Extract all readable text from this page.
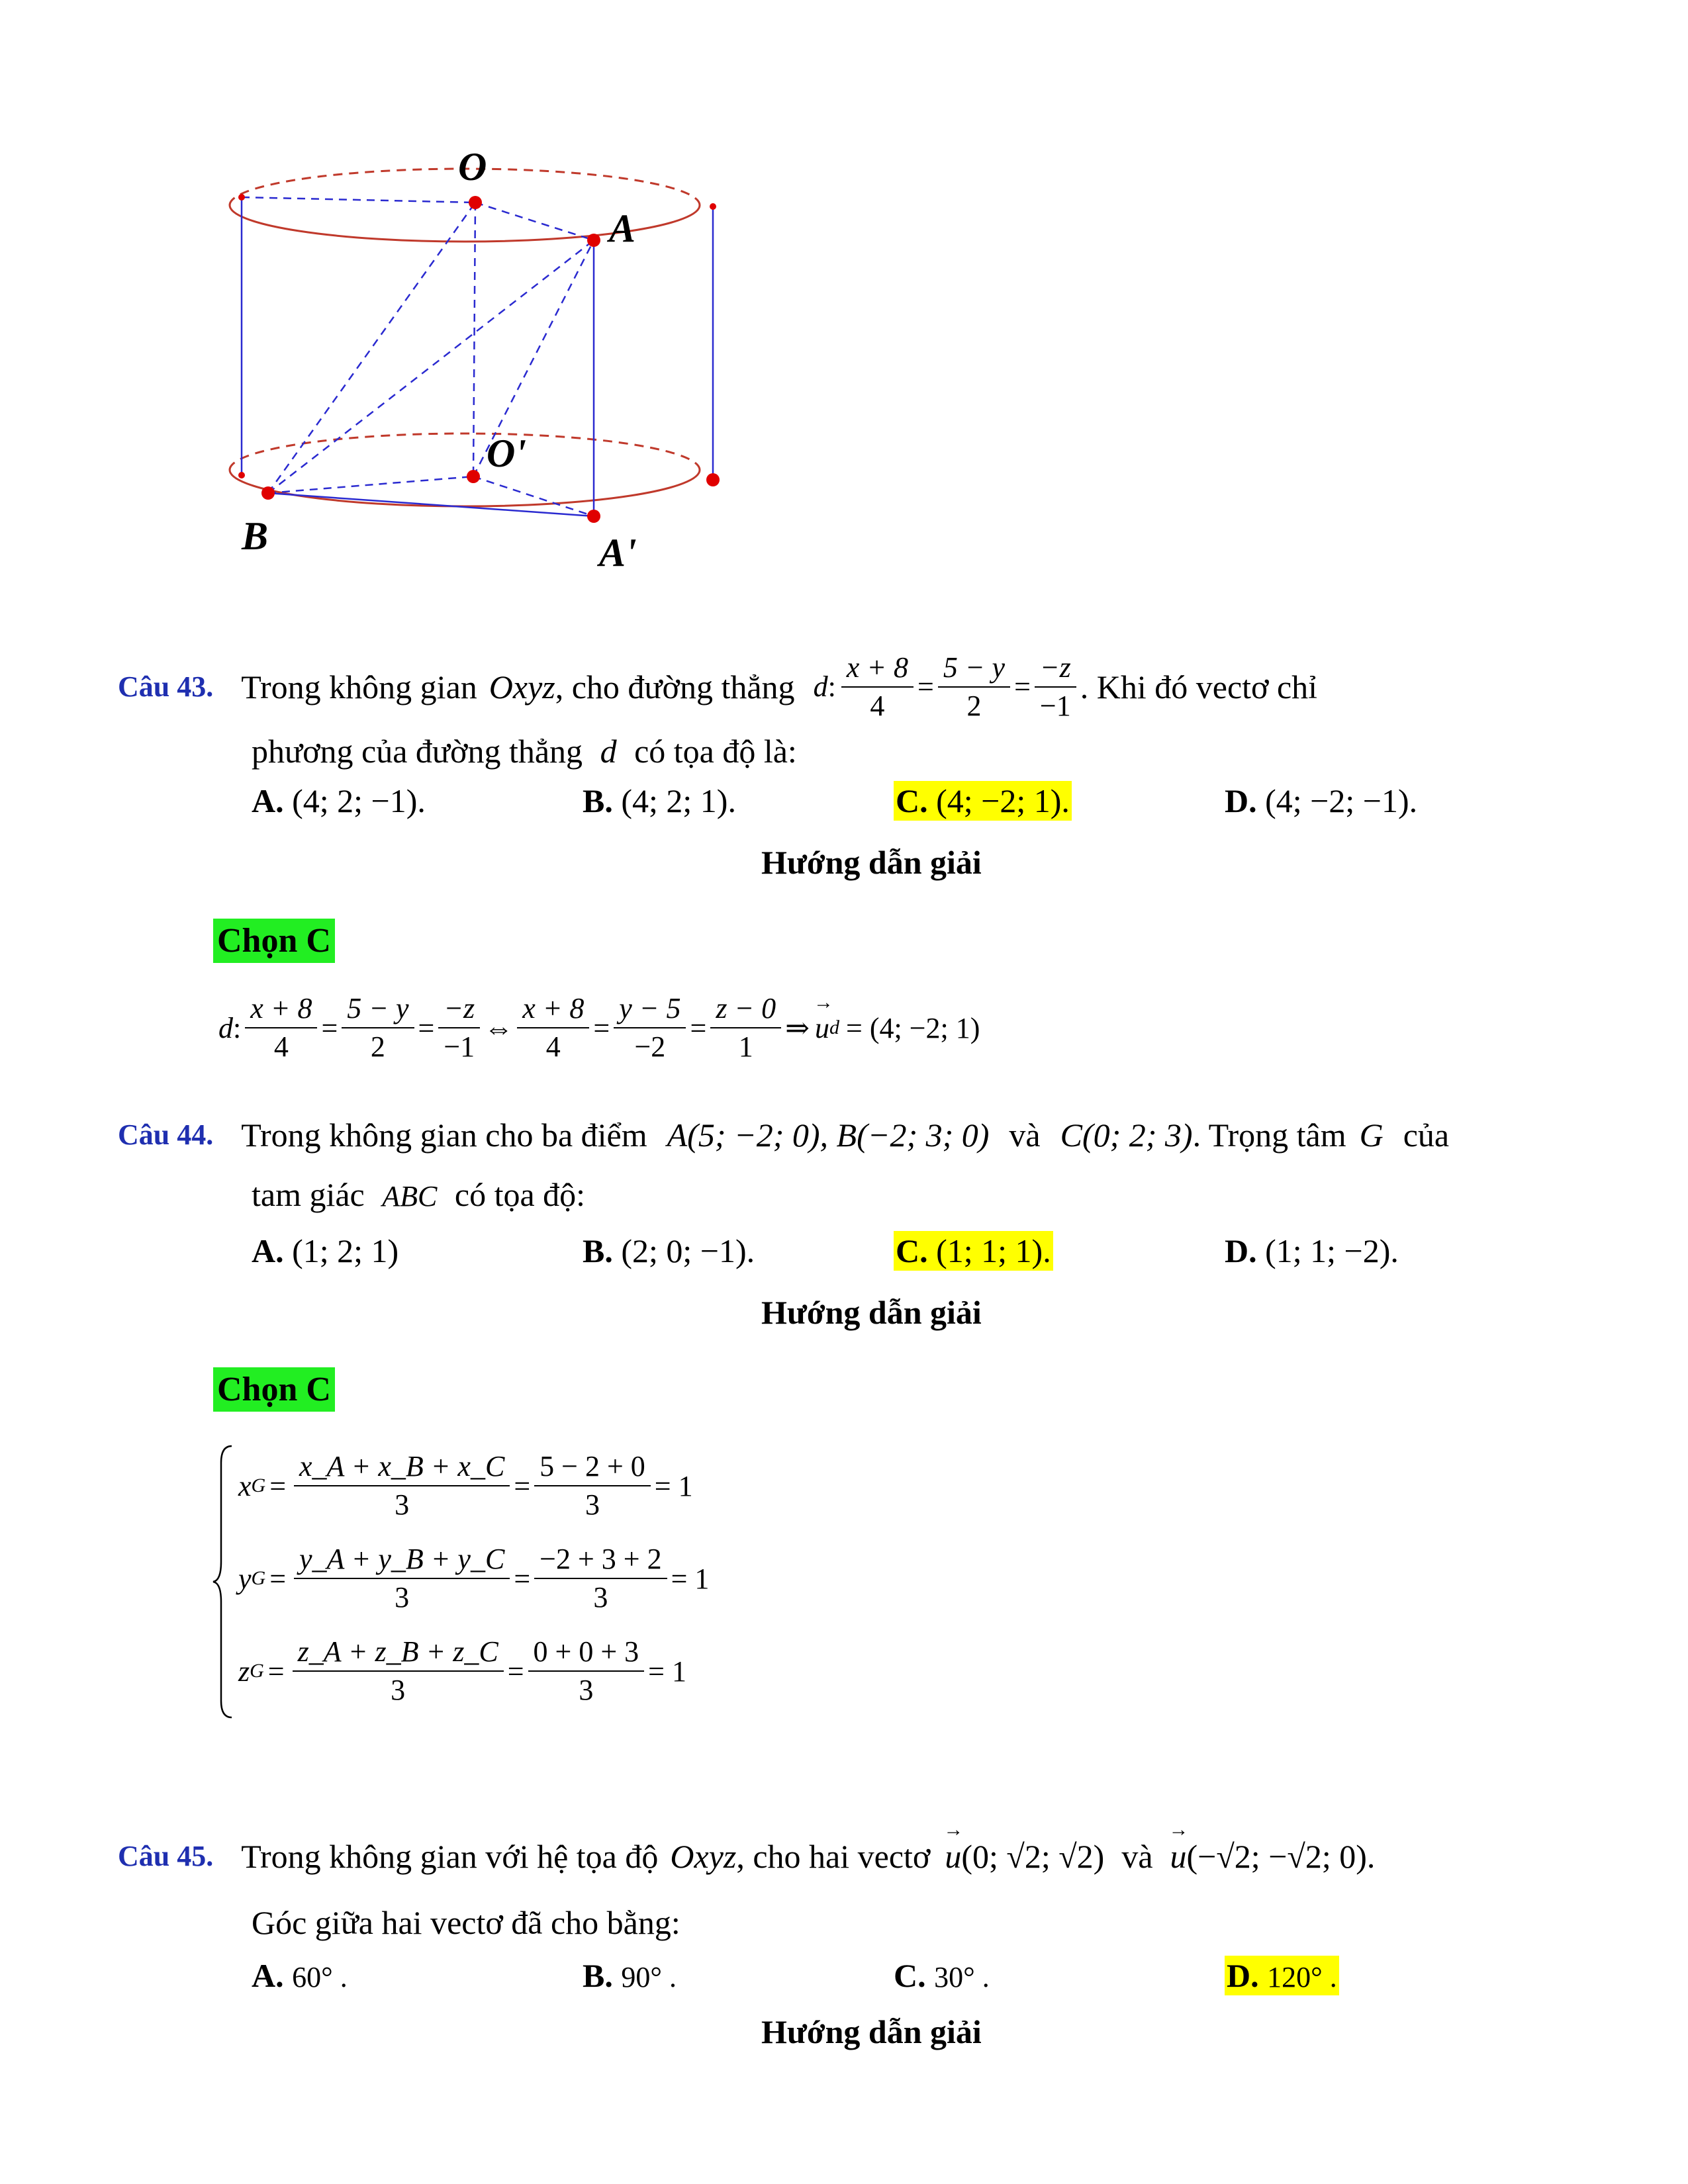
O
A
O'
B	A'
Câu 43. Trong không gian Oxyz , cho đường thẳng d : $\frac{x + 8}{4} = \frac{5 - y}{2} = \frac{-z}{-1}$ . Khi đó vectơ chỉ
phương của đường thẳng d có tọa độ là:
A. (4; 2; −1).	B. (4; 2; 1).	C. (4; −2; 1).	D. (4; −2; −1).
Hướng dẫn giải
Chọn C
d : $\frac{x + 8}{4} = \frac{5 - y}{2} = \frac{-z}{-1}$ ⇔ $\frac{x + 8}{4} = \frac{y - 5}{-2} = \frac{z - 0}{1}$ ⇒ → u d = (4; −2; 1)
Câu 44. Trong không gian cho ba điểm A(5; −2; 0), B(−2; 3; 0) và C(0; 2; 3) . Trọng tâm G của
tam giác ABC có tọa độ:
A. (1; 2; 1)	B. (2; 0; −1).	C. (1; 1; 1).	D. (1; 1; −2).
Hướng dẫn giải
Chọn C
x $G = \frac{x\_A + x\_B + x\_C}{3} = \frac{5 - 2 + 0}{3} = 1$
y $G = \frac{y\_A + y\_B + y\_C}{3} = \frac{-2 + 3 + 2}{3} = 1$
z $G = \frac{z\_A + z\_B + z\_C}{3} = \frac{0 + 0 + 3}{3} = 1$
Câu 45. Trong không gian với hệ tọa độ Oxyz , cho hai vectơ → u (0; √2; √2) và → u (−√2; −√2; 0).
Góc giữa hai vectơ đã cho bằng:
A. 60° .	B. 90° .	C. 30° .	D. 120° .
Hướng dẫn giải
